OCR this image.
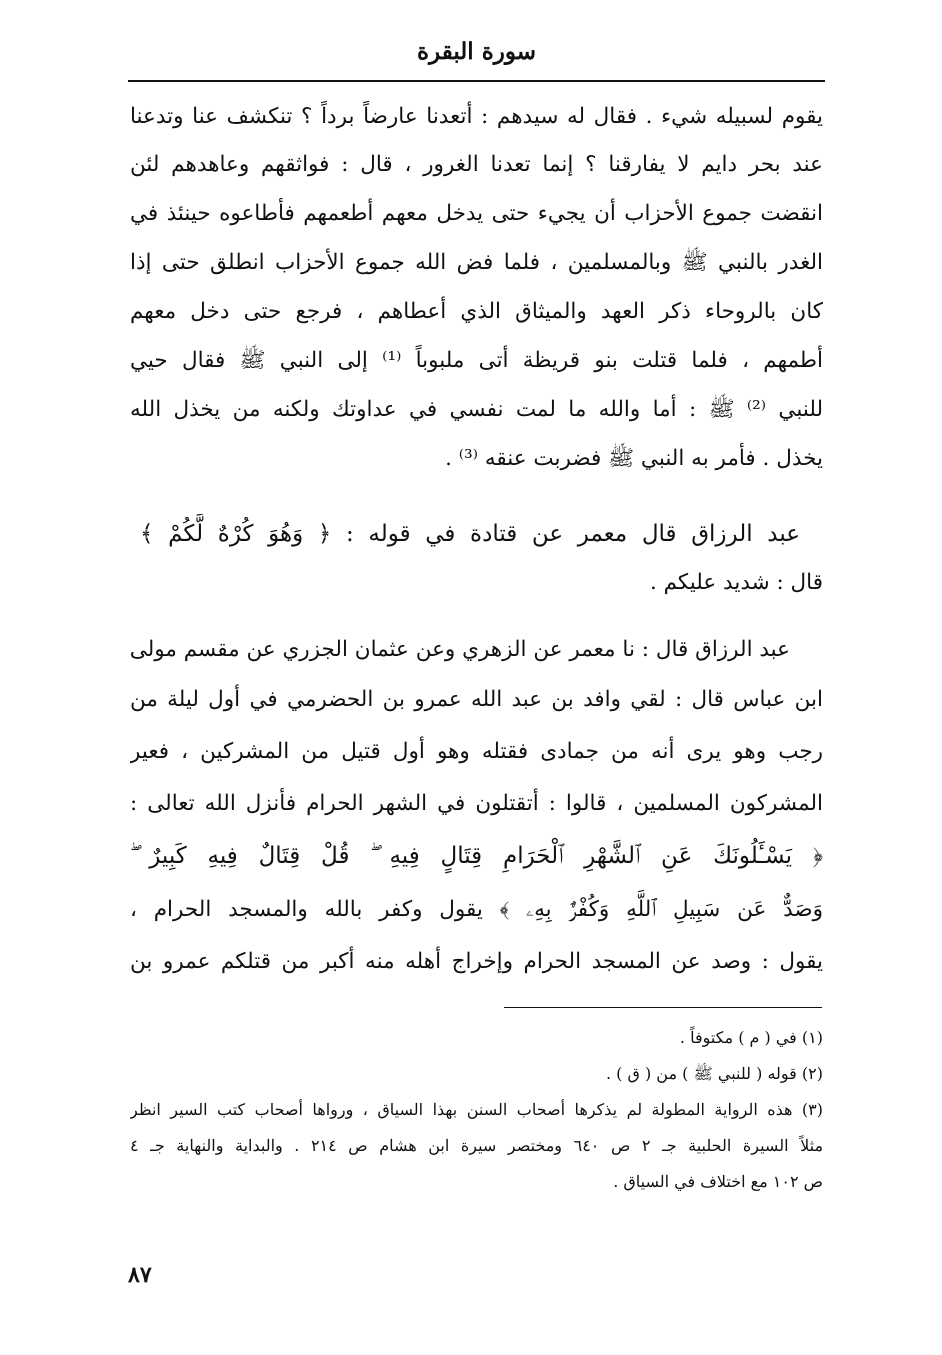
سورة البقرة
يقوم لسبيله شيء . فقال له سيدهم : أتعدنا عارضاً برداً ؟ تنكشف عنا وتدعنا
عند بحر دايم لا يفارقنا ؟ إنما تعدنا الغرور ، قال : فواثقهم وعاهدهم لئن
انقضت جموع الأحزاب أن يجيء حتى يدخل معهم أطعمهم فأطاعوه حينئذ في
الغدر بالنبي ﷺ وبالمسلمين ، فلما فض الله جموع الأحزاب انطلق حتى إذا
كان بالروحاء ذكر العهد والميثاق الذي أعطاهم ، فرجع حتى دخل معهم
أطمهم ، فلما قتلت بنو قريظة أتى ملبوباً ⁽¹⁾ إلى النبي ﷺ فقال حيي
للنبي ⁽²⁾ ﷺ : أما والله ما لمت نفسي في عداوتك ولكنه من يخذل الله
يخذل . فأمر به النبي ﷺ فضربت عنقه ⁽³⁾ .
عبد الرزاق قال معمر عن قتادة في قوله : ﴿ وَهُوَ كُرْهٌ لَّكُمْ ﴾
قال : شديد عليكم .
عبد الرزاق قال : نا معمر عن الزهري وعن عثمان الجزري عن مقسم مولى
ابن عباس قال : لقي وافد بن عبد الله عمرو بن الحضرمي في أول ليلة من
رجب وهو يرى أنه من جمادى فقتله وهو أول قتيل من المشركين ، فعير
المشركون المسلمين ، قالوا : أتقتلون في الشهر الحرام فأنزل الله تعالى :
﴿ يَسْـَٔلُونَكَ عَنِ ٱلشَّهْرِ ٱلْحَرَامِ قِتَالٍ فِيهِ ۖ قُلْ قِتَالٌ فِيهِ كَبِيرٌ ۖ
وَصَدٌّ عَن سَبِيلِ ٱللَّهِ وَكُفْرٌۢ بِهِۦ ﴾ يقول وكفر بالله والمسجد الحرام ،
يقول : وصد عن المسجد الحرام وإخراج أهله منه أكبر من قتلكم عمرو بن
(١) في ( م ) مكتوفاً .
(٢) قوله ( للنبي ﷺ ) من ( ق ) .
(٣) هذه الرواية المطولة لم يذكرها أصحاب السنن بهذا السياق ، ورواها أصحاب كتب السير انظر
مثلاً السيرة الحلبية جـ ٢ ص ٦٤٠ ومختصر سيرة ابن هشام ص ٢١٤ . والبداية والنهاية جـ ٤
ص ١٠٢ مع اختلاف في السياق .
٨٧
